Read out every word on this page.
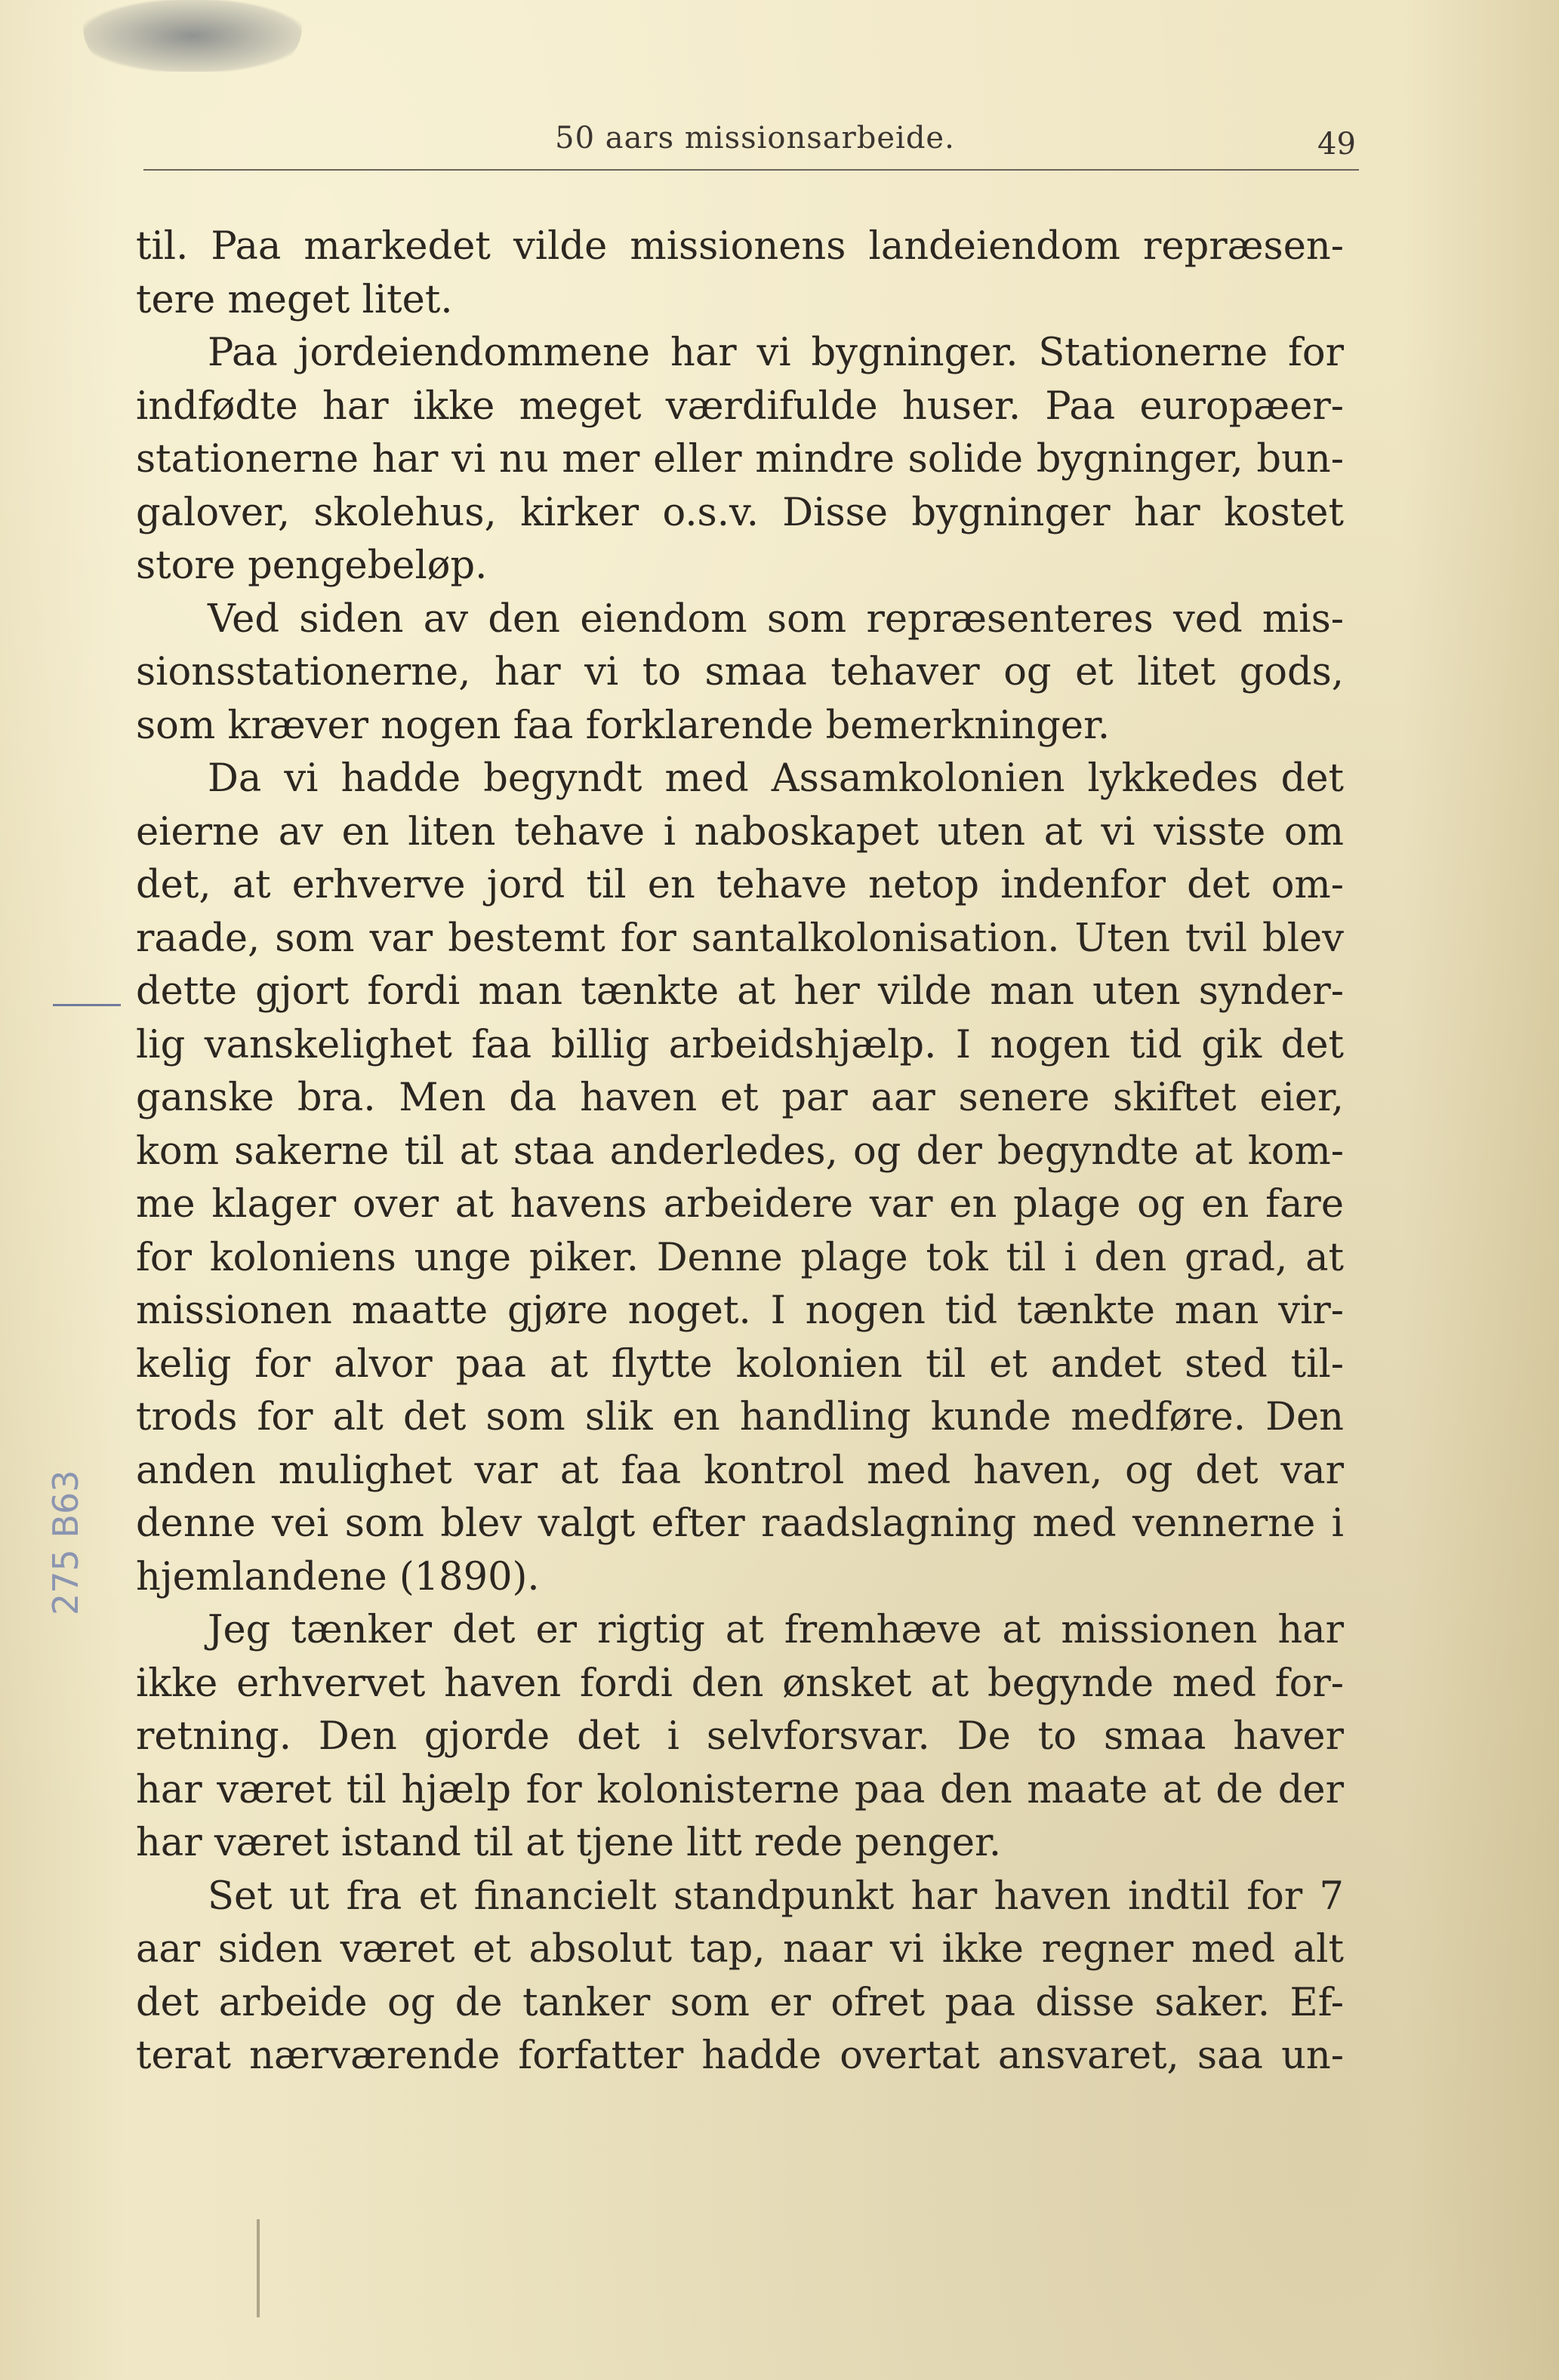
50 aars missionsarbeide.	49
til. Paa markedet vilde missionens landeiendom repræsen-
tere meget litet.
Paa jordeiendommene har vi bygninger. Stationerne for
indfødte har ikke meget værdifulde huser. Paa europæer-
stationerne har vi nu mer eller mindre solide bygninger, bun-
galover, skolehus, kirker o.s.v. Disse bygninger har kostet
store pengebeløp.
Ved siden av den eiendom som repræsenteres ved mis-
sionsstationerne, har vi to smaa tehaver og et litet gods,
som kræver nogen faa forklarende bemerkninger.
Da vi hadde begyndt med Assamkolonien lykkedes det
eierne av en liten tehave i naboskapet uten at vi visste om
det, at erhverve jord til en tehave netop indenfor det om-
raade, som var bestemt for santalkolonisation. Uten tvil blev
dette gjort fordi man tænkte at her vilde man uten synder-
lig vanskelighet faa billig arbeidshjælp. I nogen tid gik det
ganske bra. Men da haven et par aar senere skiftet eier,
kom sakerne til at staa anderledes, og der begyndte at kom-
me klager over at havens arbeidere var en plage og en fare
for koloniens unge piker. Denne plage tok til i den grad, at
missionen maatte gjøre noget. I nogen tid tænkte man vir-
kelig for alvor paa at flytte kolonien til et andet sted til-
trods for alt det som slik en handling kunde medføre. Den
anden mulighet var at faa kontrol med haven, og det var
denne vei som blev valgt efter raadslagning med vennerne i
hjemlandene (1890).
Jeg tænker det er rigtig at fremhæve at missionen har
ikke erhvervet haven fordi den ønsket at begynde med for-
retning. Den gjorde det i selvforsvar. De to smaa haver
har været til hjælp for kolonisterne paa den maate at de der
har været istand til at tjene litt rede penger.
Set ut fra et financielt standpunkt har haven indtil for 7
aar siden været et absolut tap, naar vi ikke regner med alt
det arbeide og de tanker som er ofret paa disse saker. Ef-
terat nærværende forfatter hadde overtat ansvaret, saa un-
275 B63
